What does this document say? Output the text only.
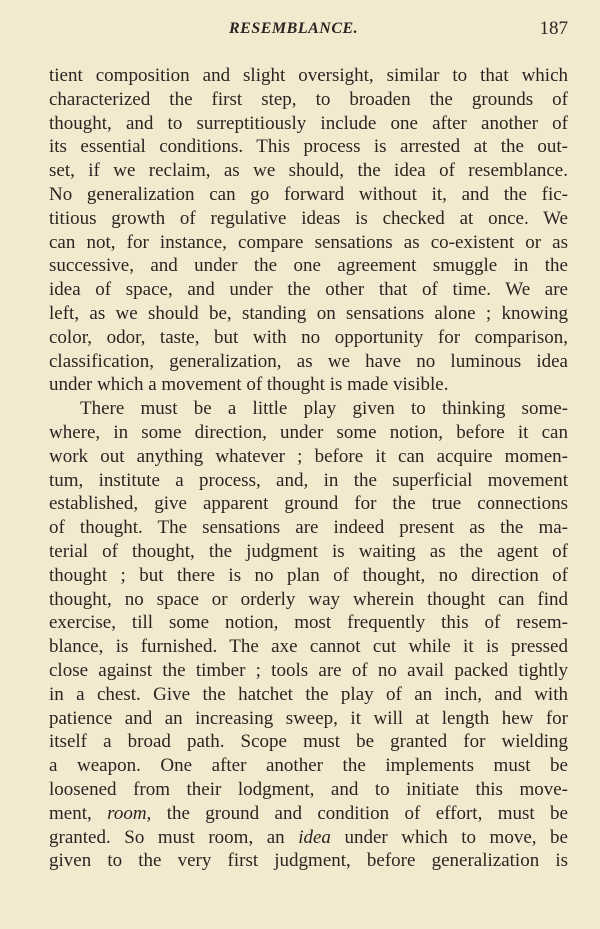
RESEMBLANCE.	187
tient composition and slight oversight, similar to that which
characterized the first step, to broaden the grounds of
thought, and to surreptitiously include one after another of
its essential conditions. This process is arrested at the out-
set, if we reclaim, as we should, the idea of resemblance.
No generalization can go forward without it, and the fic-
titious growth of regulative ideas is checked at once. We
can not, for instance, compare sensations as co-existent or as
successive, and under the one agreement smuggle in the
idea of space, and under the other that of time. We are
left, as we should be, standing on sensations alone ; knowing
color, odor, taste, but with no opportunity for comparison,
classification, generalization, as we have no luminous idea
under which a movement of thought is made visible.
There must be a little play given to thinking some-
where, in some direction, under some notion, before it can
work out anything whatever ; before it can acquire momen-
tum, institute a process, and, in the superficial movement
established, give apparent ground for the true connections
of thought. The sensations are indeed present as the ma-
terial of thought, the judgment is waiting as the agent of
thought ; but there is no plan of thought, no direction of
thought, no space or orderly way wherein thought can find
exercise, till some notion, most frequently this of resem-
blance, is furnished. The axe cannot cut while it is pressed
close against the timber ; tools are of no avail packed tightly
in a chest. Give the hatchet the play of an inch, and with
patience and an increasing sweep, it will at length hew for
itself a broad path. Scope must be granted for wielding
a weapon. One after another the implements must be
loosened from their lodgment, and to initiate this move-
ment, room, the ground and condition of effort, must be
granted. So must room, an idea under which to move, be
given to the very first judgment, before generalization is
